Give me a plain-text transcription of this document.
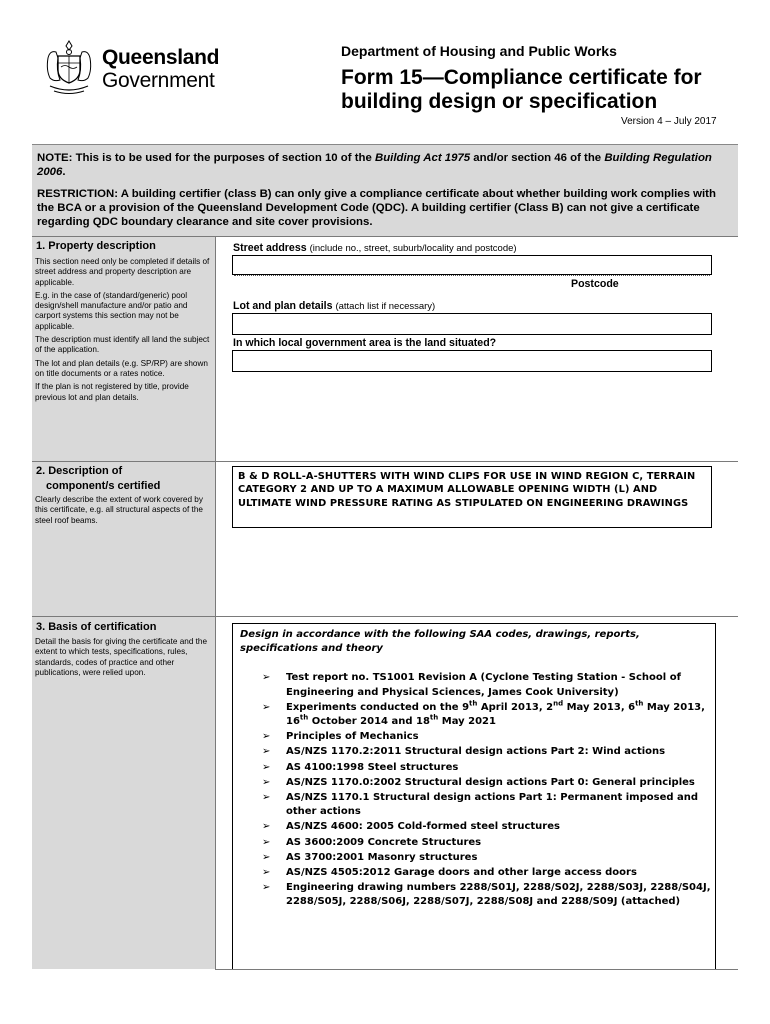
Queensland
Government
Department of Housing and Public Works
Form 15—Compliance certificate for building design or specification
Version 4 – July 2017

NOTE: This is to be used for the purposes of section 10 of the Building Act 1975 and/or section 46 of the Building Regulation 2006.

RESTRICTION: A building certifier (class B) can only give a compliance certificate about whether building work complies with the BCA or a provision of the Queensland Development Code (QDC). A building certifier (Class B) can not give a certificate regarding QDC boundary clearance and site cover provisions.

1. Property description

This section need only be completed if details of street address and property description are applicable.

E.g. in the case of (standard/generic) pool design/shell manufacture and/or patio and carport systems this section may not be applicable.

The description must identify all land the subject of the application.

The lot and plan details (e.g. SP/RP) are shown on title documents or a rates notice.

If the plan is not registered by title, provide previous lot and plan details.

Street address (include no., street, suburb/locality and postcode)
Postcode
Lot and plan details (attach list if necessary)
In which local government area is the land situated?
2. Description of
component/s certified
Clearly describe the extent of work covered by this certificate, e.g. all structural aspects of the steel roof beams.
B & D ROLL-A-SHUTTERS WITH WIND CLIPS FOR USE IN WIND REGION C, TERRAIN CATEGORY 2 AND UP TO A MAXIMUM ALLOWABLE OPENING WIDTH (L) AND ULTIMATE WIND PRESSURE RATING AS STIPULATED ON ENGINEERING DRAWINGS
3. Basis of certification
Detail the basis for giving the certificate and the extent to which tests, specifications, rules, standards, codes of practice and other publications, were relied upon.
Design in accordance with the following SAA codes, drawings, reports, specifications and theory
➢ Test report no. TS1001 Revision A (Cyclone Testing Station - School of Engineering and Physical Sciences, James Cook University)
➢ Experiments conducted on the 9th April 2013, 2nd May 2013, 6th May 2013, 16th October 2014 and 18th May 2021
➢ Principles of Mechanics
➢ AS/NZS 1170.2:2011 Structural design actions Part 2: Wind actions
➢ AS 4100:1998 Steel structures
➢ AS/NZS 1170.0:2002 Structural design actions Part 0: General principles
➢ AS/NZS 1170.1 Structural design actions Part 1: Permanent imposed and other actions
➢ AS/NZS 4600: 2005 Cold-formed steel structures
➢ AS 3600:2009 Concrete Structures
➢ AS 3700:2001 Masonry structures
➢ AS/NZS 4505:2012 Garage doors and other large access doors
➢ Engineering drawing numbers 2288/S01J, 2288/S02J, 2288/S03J, 2288/S04J, 2288/S05J, 2288/S06J, 2288/S07J, 2288/S08J and 2288/S09J (attached)
